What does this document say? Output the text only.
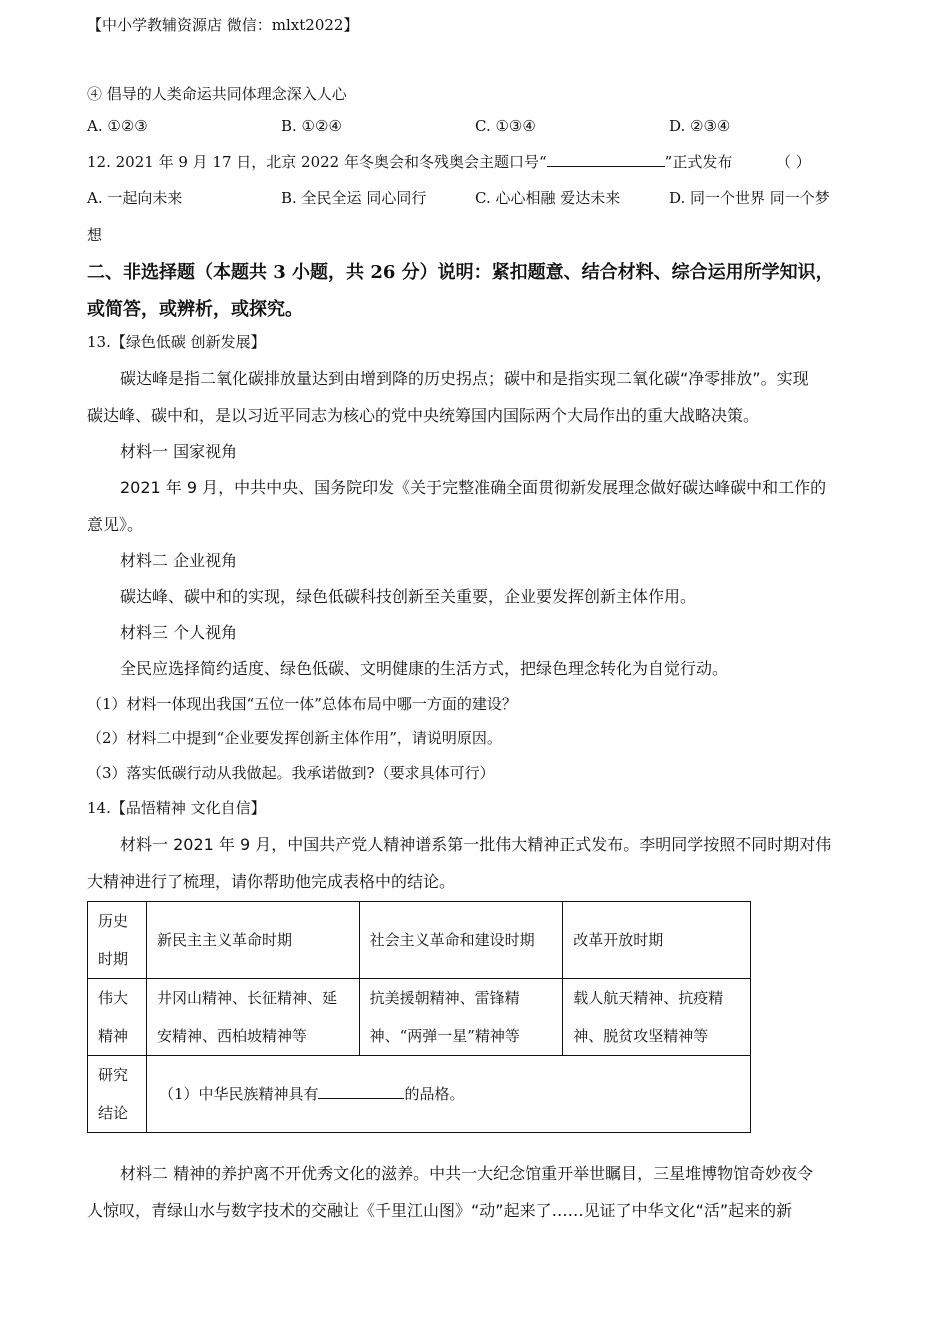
【中小学教辅资源店 微信：mlxt2022】
④ 倡导的人类命运共同体理念深入人心
A. ①②③	B. ①②④	C. ①③④	D. ②③④
12. 2021 年 9 月 17 日，北京 2022 年冬奥会和冬残奥会主题口号“	”正式发布	（ ）
A. 一起向未来	B. 全民全运 同心同行	C. 心心相融 爱达未来	D. 同一个世界 同一个梦
想
二、非选择题（本题共 3 小题，共 26 分）说明：紧扣题意、结合材料、综合运用所学知识，
或简答，或辨析，或探究。
13.【绿色低碳 创新发展】
碳达峰是指二氧化碳排放量达到由增到降的历史拐点；碳中和是指实现二氧化碳“净零排放”。实现
碳达峰、碳中和，是以习近平同志为核心的党中央统筹国内国际两个大局作出的重大战略决策。
材料一 国家视角
2021 年 9 月，中共中央、国务院印发《关于完整准确全面贯彻新发展理念做好碳达峰碳中和工作的
意见》。
材料二 企业视角
碳达峰、碳中和的实现，绿色低碳科技创新至关重要，企业要发挥创新主体作用。
材料三 个人视角
全民应选择简约适度、绿色低碳、文明健康的生活方式，把绿色理念转化为自觉行动。
（1）材料一体现出我国“五位一体”总体布局中哪一方面的建设？
（2）材料二中提到“企业要发挥创新主体作用”，请说明原因。
（3）落实低碳行动从我做起。我承诺做到?（要求具体可行）
14.【品悟精神 文化自信】
材料一 2021 年 9 月，中国共产党人精神谱系第一批伟大精神正式发布。李明同学按照不同时期对伟
大精神进行了梳理，请你帮助他完成表格中的结论。
历史时期	新民主主义革命时期	社会主义革命和建设时期	改革开放时期
伟大精神	井冈山精神、长征精神、延安精神、西柏坡精神等	抗美援朝精神、雷锋精神、“两弹一星”精神等	载人航天精神、抗疫精神、脱贫攻坚精神等
研究结论	（1）中华民族精神具有 的品格。		
材料二 精神的养护离不开优秀文化的滋养。中共一大纪念馆重开举世瞩目，三星堆博物馆奇妙夜令
人惊叹，青绿山水与数字技术的交融让《千里江山图》“动”起来了……见证了中华文化“活”起来的新
